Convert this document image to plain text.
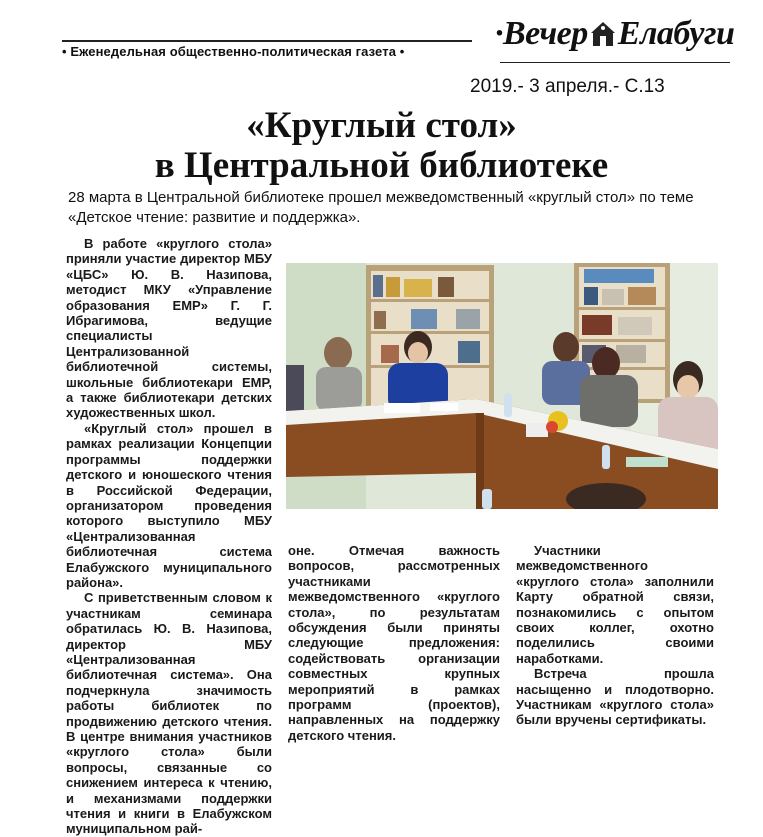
• Еженедельная общественно-политическая газета •	·Вечер Елабуги
2019.- 3 апреля.- С.13
«Круглый стол»
в Центральной библиотеке
28 марта в Центральной библиотеке прошел межведомственный «круглый стол» по теме «Детское чтение: развитие и поддержка».

В работе «круглого стола» приняли участие директор МБУ «ЦБС» Ю. В. Назипова, методист МКУ «Управление образования ЕМР» Г. Г. Ибрагимова, ведущие специалисты Централизованной библиотечной системы, школьные библиотекари ЕМР, а также библиотекари детских художественных школ.

«Круглый стол» прошел в рамках реализации Концепции программы поддержки детского и юношеского чтения в Российской Федерации, организатором проведения которого выступило МБУ «Централизованная библиотечная система Елабужского муниципального района».

С приветственным словом к участникам семинара обратилась Ю. В. Назипова, директор МБУ «Централизованная библиотечная система». Она подчеркнула значимость работы библиотек по продвижению детского чтения. В центре внимания участников «круглого стола» были вопросы, связанные со снижением интереса к чтению, и механизмами поддержки чтения и книги в Елабужском муниципальном рай-

оне. Отмечая важность вопросов, рассмотренных участниками межведомственного «круглого стола», по результатам обсуждения были приняты следующие предложения: содействовать организации совместных крупных мероприятий в рамках программ (проектов), направленных на поддержку детского чтения.

Участники межведомственного «круглого стола» заполнили Карту обратной связи, познакомились с опытом своих коллег, охотно поделились своими наработками.

Встреча прошла насыщенно и плодотворно. Участникам «круглого стола» были вручены сертификаты.
